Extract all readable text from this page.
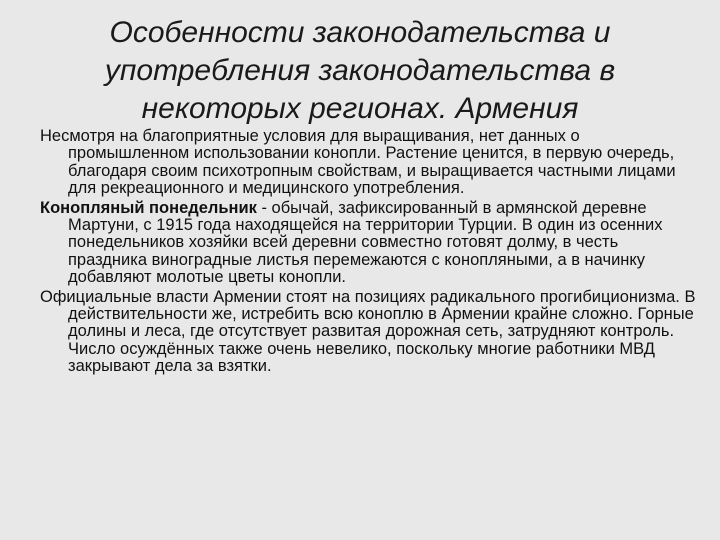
Особенности законодательства и употребления законодательства в некоторых регионах. Армения

Несмотря на благоприятные условия для выращивания, нет данных о промышленном использовании конопли. Растение ценится, в первую очередь, благодаря своим психотропным свойствам, и выращивается частными лицами для рекреационного и медицинского употребления.

Конопляный понедельник - обычай, зафиксированный в армянской деревне Мартуни, с 1915 года находящейся на территории Турции. В один из осенних понедельников хозяйки всей деревни совместно готовят долму, в честь праздника виноградные листья перемежаются с конопляными, а в начинку добавляют молотые цветы конопли.

Официальные власти Армении стоят на позициях радикального прогибиционизма. В действительности же, истребить всю коноплю в Армении крайне сложно. Горные долины и леса, где отсутствует развитая дорожная сеть, затрудняют контроль. Число осуждённых также очень невелико, поскольку многие работники МВД закрывают дела за взятки.
